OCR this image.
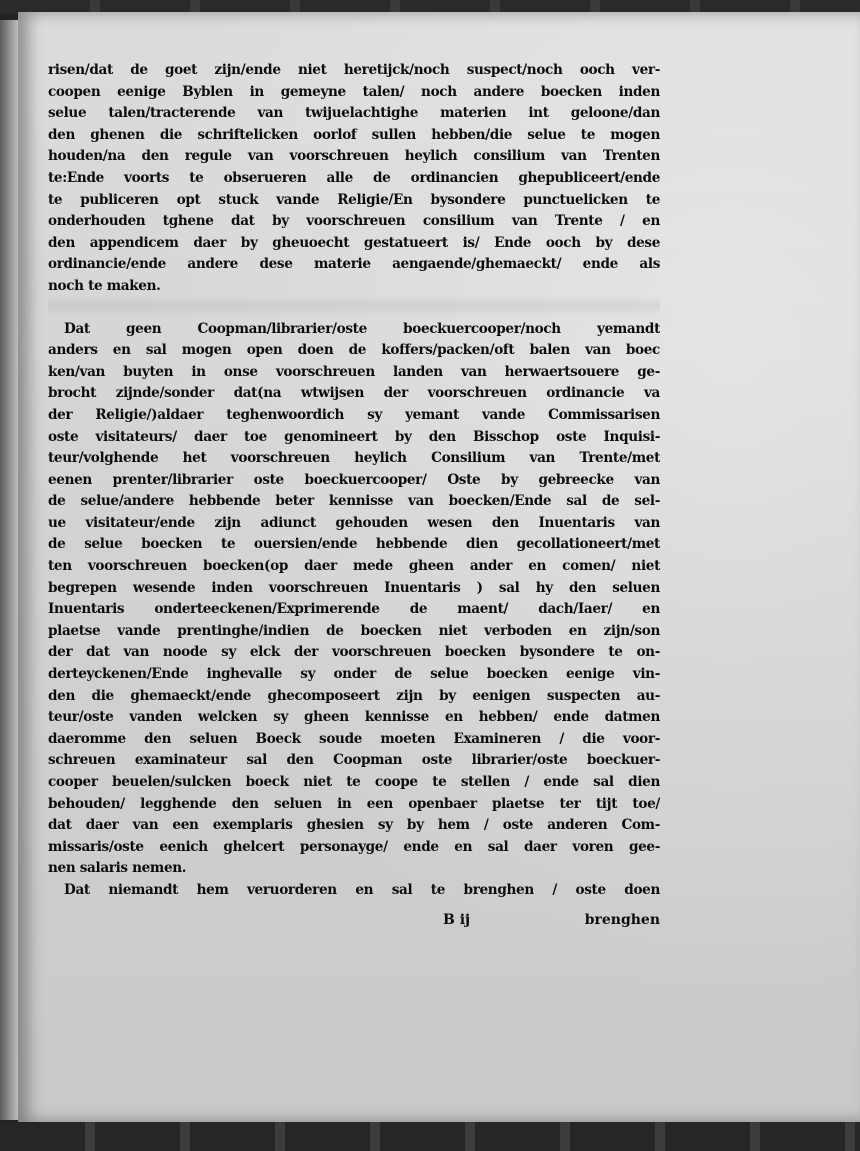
risen/dat de goet zijn/ende niet heretijck/noch suspect/noch ooch ver-
coopen eenige Byblen in gemeyne talen/ noch andere boecken inden
selue talen/tracterende van twijuelachtighe materien int geloone/dan
den ghenen die schriftelicken oorlof sullen hebben/die selue te mogen
houden/na den regule van voorschreuen heylich consilium van Trenten
te:Ende voorts te obserueren alle de ordinancien ghepubliceert/ende
te publiceren opt stuck vande Religie/En bysondere punctuelicken te
onderhouden tghene dat by voorschreuen consilium van Trente / en
den appendicem daer by gheuoecht gestatueert is/ Ende ooch by dese
ordinancie/ende andere dese materie aengaende/ghemaeckt/ ende als
noch te maken.
Dat geen Coopman/librarier/oste boeckuercooper/noch yemandt
anders en sal mogen open doen de koffers/packen/oft balen van boec
ken/van buyten in onse voorschreuen landen van herwaertsouere ge-
brocht zijnde/sonder dat(na wtwijsen der voorschreuen ordinancie va
der Religie/)aldaer teghenwoordich sy yemant vande Commissarisen
oste visitateurs/ daer toe genomineert by den Bisschop oste Inquisi-
teur/volghende het voorschreuen heylich Consilium van Trente/met
eenen prenter/librarier oste boeckuercooper/ Oste by gebreecke van
de selue/andere hebbende beter kennisse van boecken/Ende sal de sel-
ue visitateur/ende zijn adiunct gehouden wesen den Inuentaris van
de selue boecken te ouersien/ende hebbende dien gecollationeert/met
ten voorschreuen boecken(op daer mede gheen ander en comen/ niet
begrepen wesende inden voorschreuen Inuentaris ) sal hy den seluen
Inuentaris onderteeckenen/Exprimerende de maent/ dach/Iaer/ en
plaetse vande prentinghe/indien de boecken niet verboden en zijn/son
der dat van noode sy elck der voorschreuen boecken bysondere te on-
derteyckenen/Ende inghevalle sy onder de selue boecken eenige vin-
den die ghemaeckt/ende ghecomposeert zijn by eenigen suspecten au-
teur/oste vanden welcken sy gheen kennisse en hebben/ ende datmen
daeromme den seluen Boeck soude moeten Examineren / die voor-
schreuen examinateur sal den Coopman oste librarier/oste boeckuer-
cooper beuelen/sulcken boeck niet te coope te stellen / ende sal dien
behouden/ legghende den seluen in een openbaer plaetse ter tijt toe/
dat daer van een exemplaris ghesien sy by hem / oste anderen Com-
missaris/oste eenich ghelcert personayge/ ende en sal daer voren gee-
nen salaris nemen.
Dat niemandt hem veruorderen en sal te brenghen / oste doen
B ij	brenghen
